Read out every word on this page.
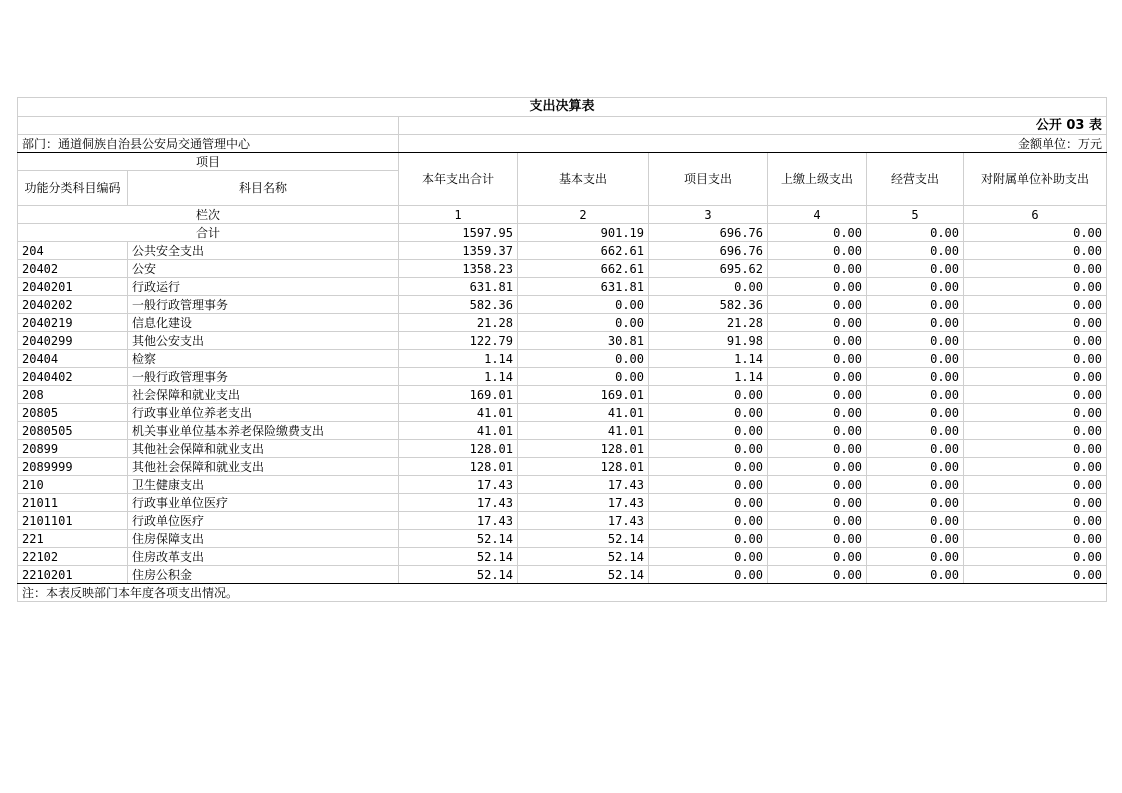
支出决算表							
		公开 03 表					
部门：通道侗族自治县公安局交通管理中心		金额单位：万元					
项目		本年支出合计	基本支出	项目支出	上缴上级支出	经营支出	对附属单位补助支出
功能分类科目编码	科目名称						
栏次		1	2	3	4	5	6
合计		1597.95	901.19	696.76	0.00	0.00	0.00
204	公共安全支出	1359.37	662.61	696.76	0.00	0.00	0.00
20402	公安	1358.23	662.61	695.62	0.00	0.00	0.00
2040201	行政运行	631.81	631.81	0.00	0.00	0.00	0.00
2040202	一般行政管理事务	582.36	0.00	582.36	0.00	0.00	0.00
2040219	信息化建设	21.28	0.00	21.28	0.00	0.00	0.00
2040299	其他公安支出	122.79	30.81	91.98	0.00	0.00	0.00
20404	检察	1.14	0.00	1.14	0.00	0.00	0.00
2040402	一般行政管理事务	1.14	0.00	1.14	0.00	0.00	0.00
208	社会保障和就业支出	169.01	169.01	0.00	0.00	0.00	0.00
20805	行政事业单位养老支出	41.01	41.01	0.00	0.00	0.00	0.00
2080505	机关事业单位基本养老保险缴费支出	41.01	41.01	0.00	0.00	0.00	0.00
20899	其他社会保障和就业支出	128.01	128.01	0.00	0.00	0.00	0.00
2089999	其他社会保障和就业支出	128.01	128.01	0.00	0.00	0.00	0.00
210	卫生健康支出	17.43	17.43	0.00	0.00	0.00	0.00
21011	行政事业单位医疗	17.43	17.43	0.00	0.00	0.00	0.00
2101101	行政单位医疗	17.43	17.43	0.00	0.00	0.00	0.00
221	住房保障支出	52.14	52.14	0.00	0.00	0.00	0.00
22102	住房改革支出	52.14	52.14	0.00	0.00	0.00	0.00
2210201	住房公积金	52.14	52.14	0.00	0.00	0.00	0.00
注：本表反映部门本年度各项支出情况。							
